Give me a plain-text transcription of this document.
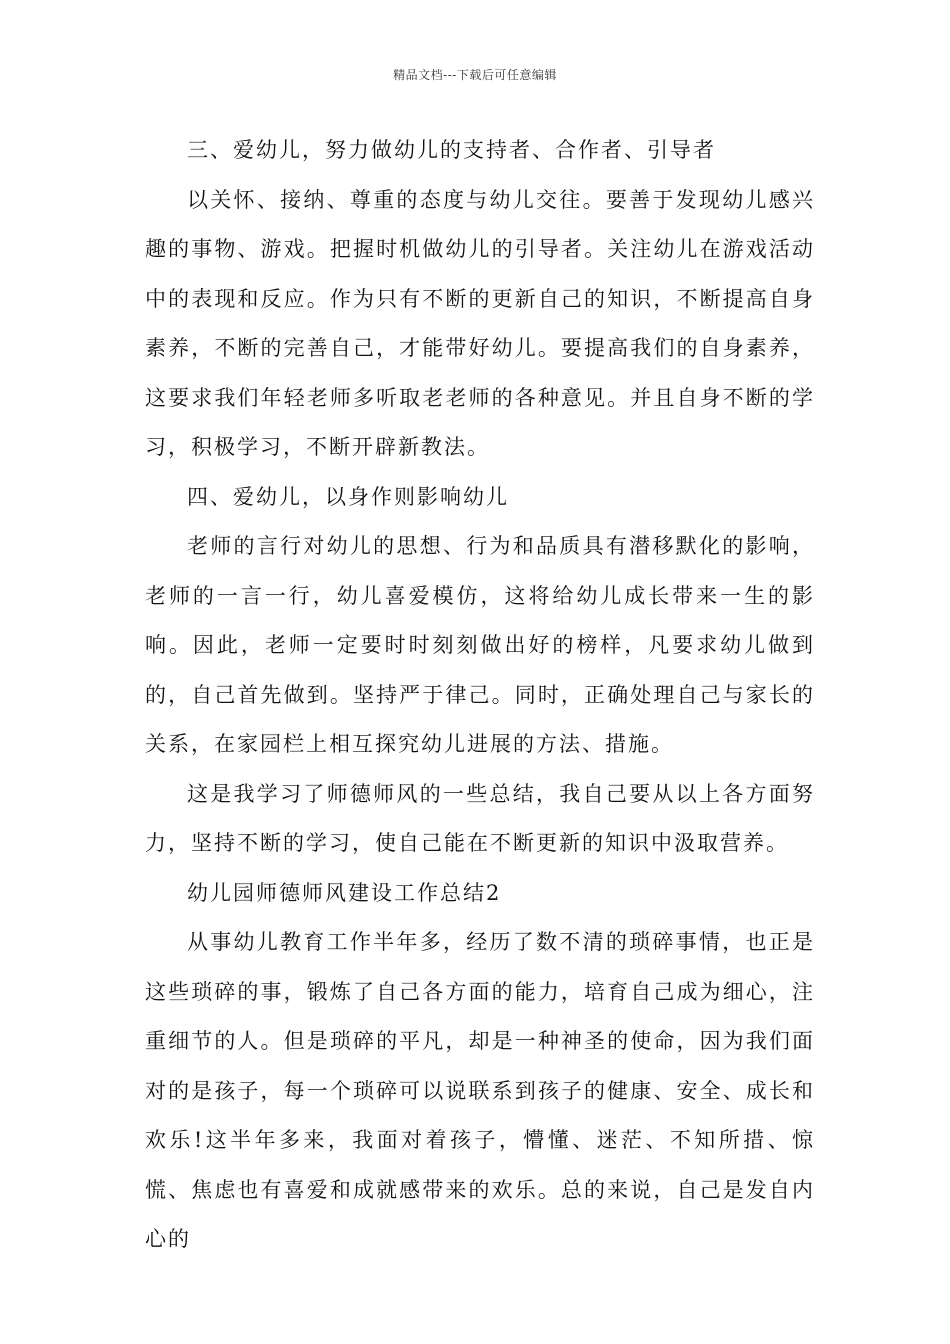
精品文档---下载后可任意编辑

三、爱幼儿，努力做幼儿的支持者、合作者、引导者

以关怀、接纳、尊重的态度与幼儿交往。要善于发现幼儿感兴趣的事物、游戏。把握时机做幼儿的引导者。关注幼儿在游戏活动中的表现和反应。作为只有不断的更新自己的知识，不断提高自身素养，不断的完善自己，才能带好幼儿。要提高我们的自身素养，这要求我们年轻老师多听取老老师的各种意见。并且自身不断的学习，积极学习，不断开辟新教法。

四、爱幼儿，以身作则影响幼儿

老师的言行对幼儿的思想、行为和品质具有潜移默化的影响，老师的一言一行，幼儿喜爱模仿，这将给幼儿成长带来一生的影响。因此，老师一定要时时刻刻做出好的榜样，凡要求幼儿做到的，自己首先做到。坚持严于律己。同时，正确处理自己与家长的关系，在家园栏上相互探究幼儿进展的方法、措施。

这是我学习了师德师风的一些总结，我自己要从以上各方面努力，坚持不断的学习，使自己能在不断更新的知识中汲取营养。

幼儿园师德师风建设工作总结2

从事幼儿教育工作半年多，经历了数不清的琐碎事情，也正是这些琐碎的事，锻炼了自己各方面的能力，培育自己成为细心，注重细节的人。但是琐碎的平凡，却是一种神圣的使命，因为我们面对的是孩子，每一个琐碎可以说联系到孩子的健康、安全、成长和欢乐!这半年多来，我面对着孩子，懵懂、迷茫、不知所措、惊慌、焦虑也有喜爱和成就感带来的欢乐。总的来说，自己是发自内心的
